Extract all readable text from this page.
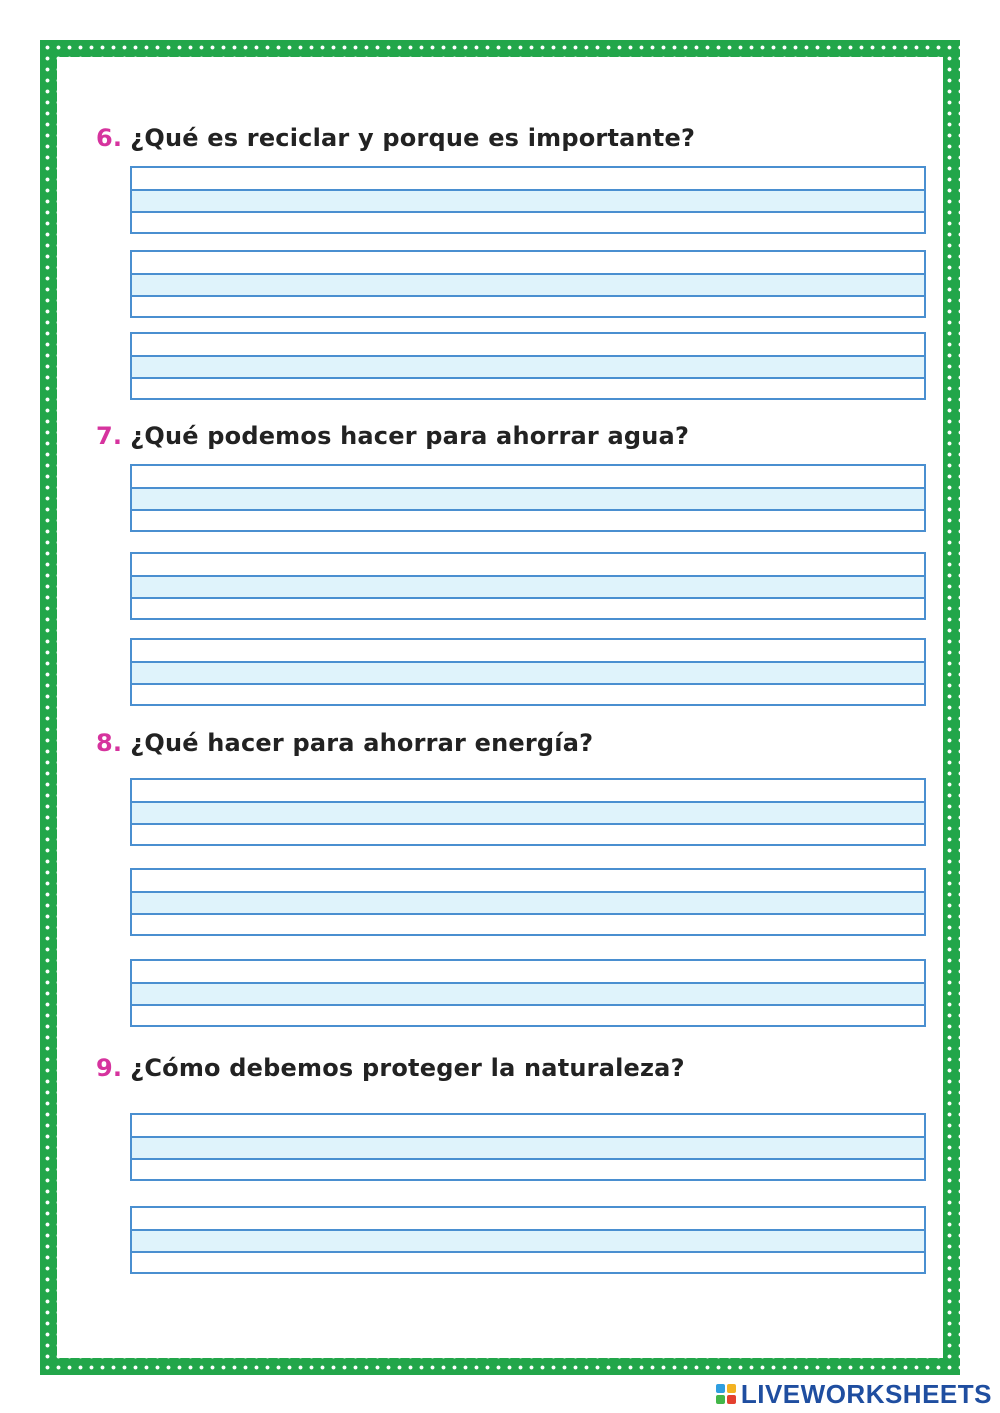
6. ¿Qué es reciclar y porque es importante?
7. ¿Qué podemos hacer para ahorrar agua?
8. ¿Qué hacer para ahorrar energía?
9. ¿Cómo debemos proteger la naturaleza?
LIVEWORKSHEETS
